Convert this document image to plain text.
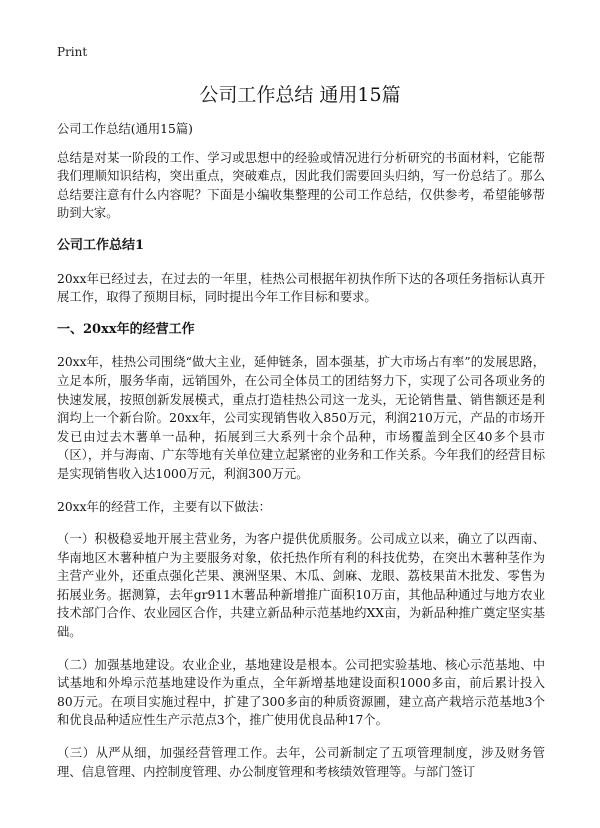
Print
公司工作总结 通用15篇

公司工作总结(通用15篇)

总结是对某一阶段的工作、学习或思想中的经验或情况进行分析研究的书面材料，它能帮我们理顺知识结构，突出重点，突破难点，因此我们需要回头归纳，写一份总结了。那么总结要注意有什么内容呢？下面是小编收集整理的公司工作总结，仅供参考，希望能够帮助到大家。

公司工作总结1

20xx年已经过去，在过去的一年里，桂热公司根据年初执作所下达的各项任务指标认真开展工作，取得了预期目标，同时提出今年工作目标和要求。

一、20xx年的经营工作

20xx年，桂热公司围绕“做大主业，延伸链条，固本强基，扩大市场占有率”的发展思路，立足本所，服务华南，远销国外，在公司全体员工的团结努力下，实现了公司各项业务的快速发展，按照创新发展模式，重点打造桂热公司这一龙头，无论销售量、销售额还是利润均上一个新台阶。20xx年，公司实现销售收入850万元，利润210万元，产品的市场开发已由过去木薯单一品种，拓展到三大系列十余个品种，市场覆盖到全区40多个县市（区），并与海南、广东等地有关单位建立起紧密的业务和工作关系。今年我们的经营目标是实现销售收入达1000万元，利润300万元。

20xx年的经营工作，主要有以下做法：

（一）积极稳妥地开展主营业务，为客户提供优质服务。公司成立以来，确立了以西南、华南地区木薯种植户为主要服务对象，依托热作所有利的科技优势，在突出木薯种茎作为主营产业外，还重点强化芒果、澳洲坚果、木瓜、剑麻、龙眼、荔枝果苗木批发、零售为拓展业务。据测算，去年gr911木薯品种新增推广面积10万亩，其他品种通过与地方农业技术部门合作、农业园区合作，共建立新品种示范基地约XX亩，为新品种推广奠定坚实基础。

（二）加强基地建设。农业企业，基地建设是根本。公司把实验基地、核心示范基地、中试基地和外埠示范基地建设作为重点，全年新增基地建设面积1000多亩，前后累计投入80万元。在项目实施过程中，扩建了300多亩的种质资源圃，建立高产栽培示范基地3个和优良品种适应性生产示范点3个，推广使用优良品种17个。

（三）从严从细，加强经营管理工作。去年，公司新制定了五项管理制度，涉及财务管理、信息管理、内控制度管理、办公制度管理和考核绩效管理等。与部门签订
